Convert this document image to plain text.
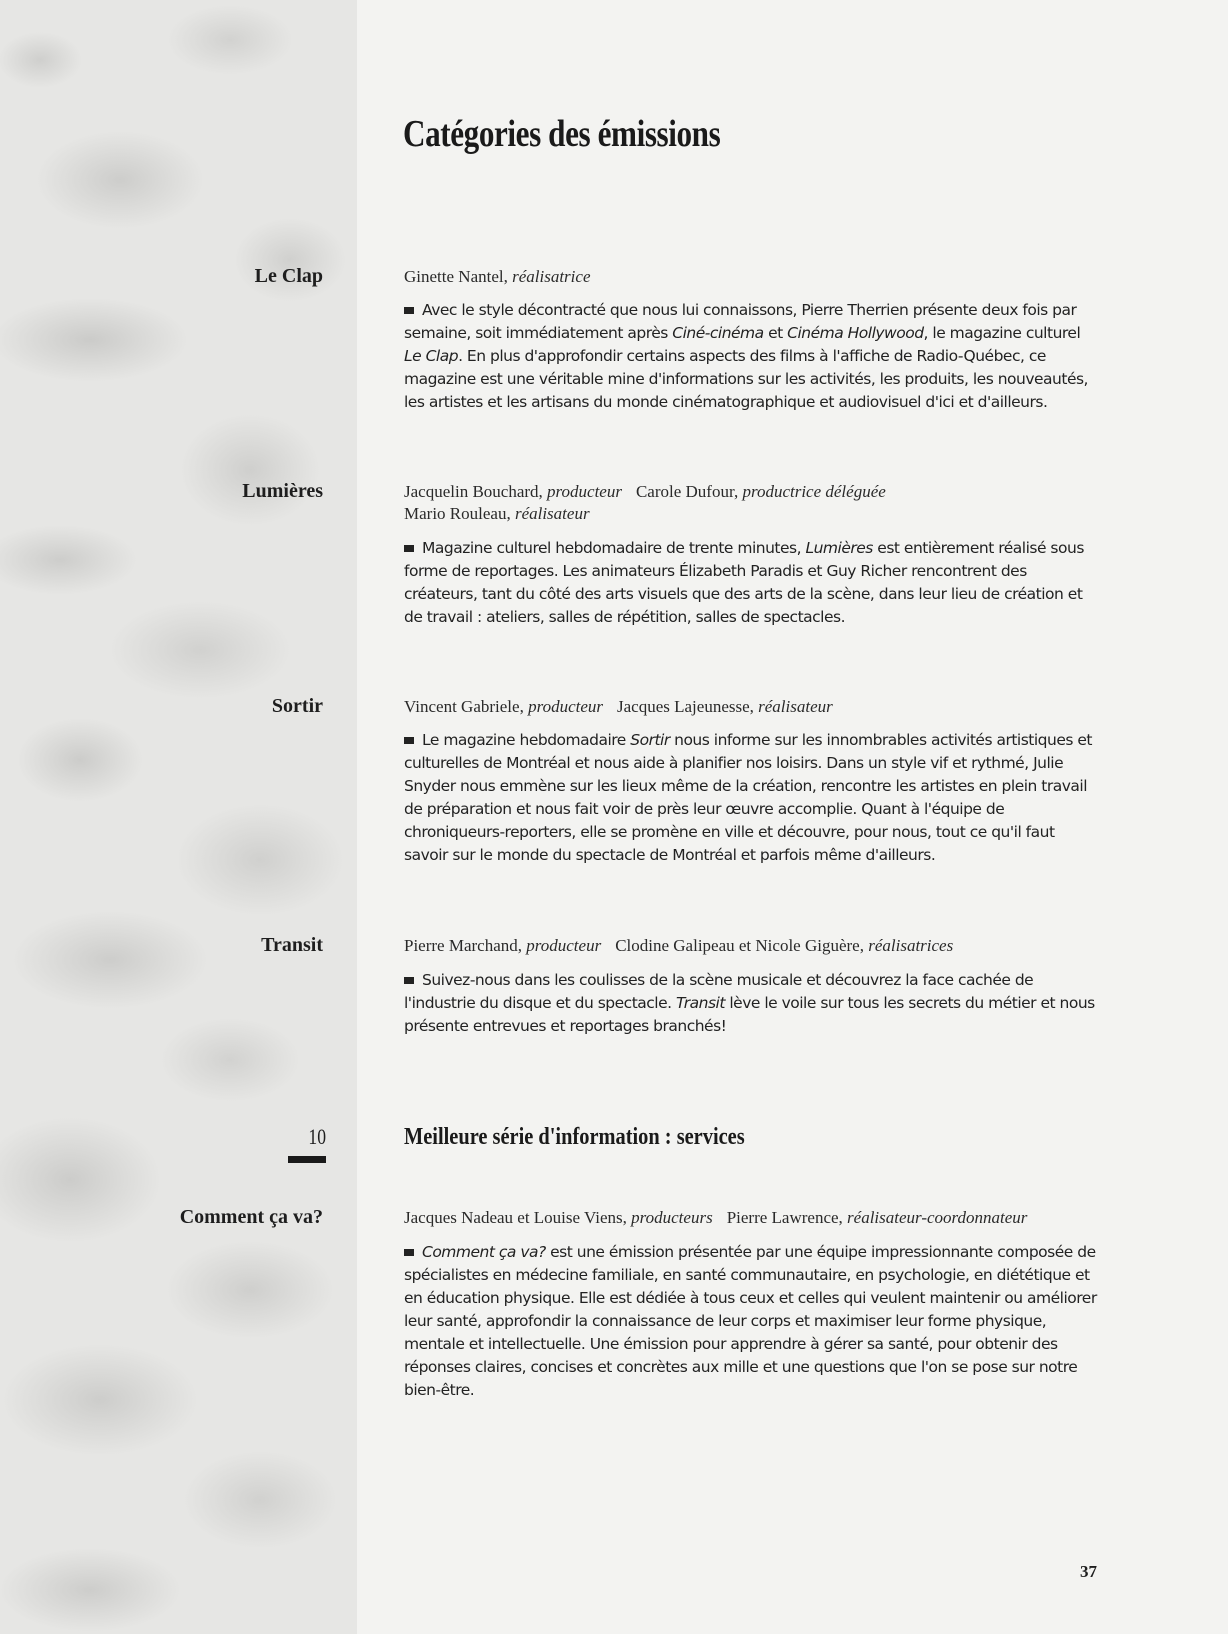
Catégories des émissions
Le Clap	Ginette Nantel, réalisatrice
Avec le style décontracté que nous lui connaissons, Pierre Therrien présente deux fois par semaine, soit immédiatement après Ciné-cinéma et Cinéma Hollywood, le magazine culturel Le Clap. En plus d'approfondir certains aspects des films à l'affiche de Radio-Québec, ce magazine est une véritable mine d'informations sur les activités, les produits, les nouveautés, les artistes et les artisans du monde cinématographique et audiovisuel d'ici et d'ailleurs.
Lumières	Jacquelin Bouchard, producteur Carole Dufour, productrice déléguée
Mario Rouleau, réalisateur
Magazine culturel hebdomadaire de trente minutes, Lumières est entièrement réalisé sous forme de reportages. Les animateurs Élizabeth Paradis et Guy Richer rencontrent des créateurs, tant du côté des arts visuels que des arts de la scène, dans leur lieu de création et de travail : ateliers, salles de répétition, salles de spectacles.
Sortir	Vincent Gabriele, producteur Jacques Lajeunesse, réalisateur
Le magazine hebdomadaire Sortir nous informe sur les innombrables activités artistiques et culturelles de Montréal et nous aide à planifier nos loisirs. Dans un style vif et rythmé, Julie Snyder nous emmène sur les lieux même de la création, rencontre les artistes en plein travail de préparation et nous fait voir de près leur œuvre accomplie. Quant à l'équipe de chroniqueurs-reporters, elle se promène en ville et découvre, pour nous, tout ce qu'il faut savoir sur le monde du spectacle de Montréal et parfois même d'ailleurs.
Transit	Pierre Marchand, producteur Clodine Galipeau et Nicole Giguère, réalisatrices
Suivez-nous dans les coulisses de la scène musicale et découvrez la face cachée de l'industrie du disque et du spectacle. Transit lève le voile sur tous les secrets du métier et nous présente entrevues et reportages branchés!
10	Meilleure série d'information : services
Comment ça va?	Jacques Nadeau et Louise Viens, producteurs Pierre Lawrence, réalisateur-coordonnateur
Comment ça va? est une émission présentée par une équipe impressionnante composée de spécialistes en médecine familiale, en santé communautaire, en psychologie, en diététique et en éducation physique. Elle est dédiée à tous ceux et celles qui veulent maintenir ou améliorer leur santé, approfondir la connaissance de leur corps et maximiser leur forme physique, mentale et intellectuelle. Une émission pour apprendre à gérer sa santé, pour obtenir des réponses claires, concises et concrètes aux mille et une questions que l'on se pose sur notre bien-être.
37
